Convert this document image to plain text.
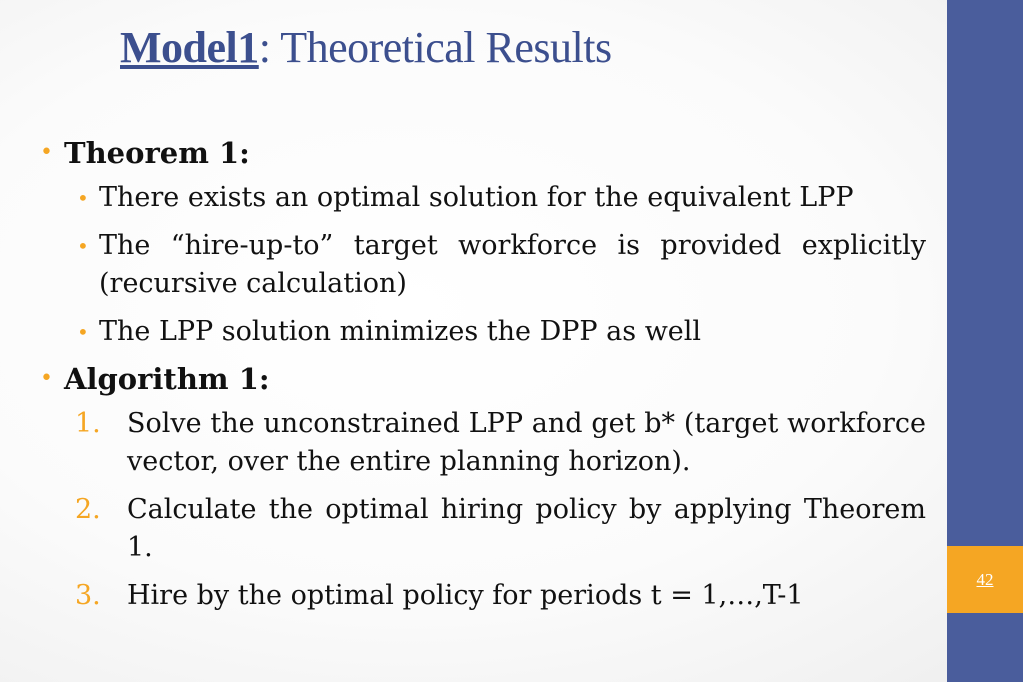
Model1: Theoretical Results
• Theorem 1:
• There exists an optimal solution for the equivalent LPP
• The “hire-up-to” target workforce is provided explicitly (recursive calculation)
• The LPP solution minimizes the DPP as well
• Algorithm 1:
1. Solve the unconstrained LPP and get b* (target workforce vector, over the entire planning horizon).
2. Calculate the optimal hiring policy by applying Theorem 1.
3. Hire by the optimal policy for periods t = 1,…,T-1
42
